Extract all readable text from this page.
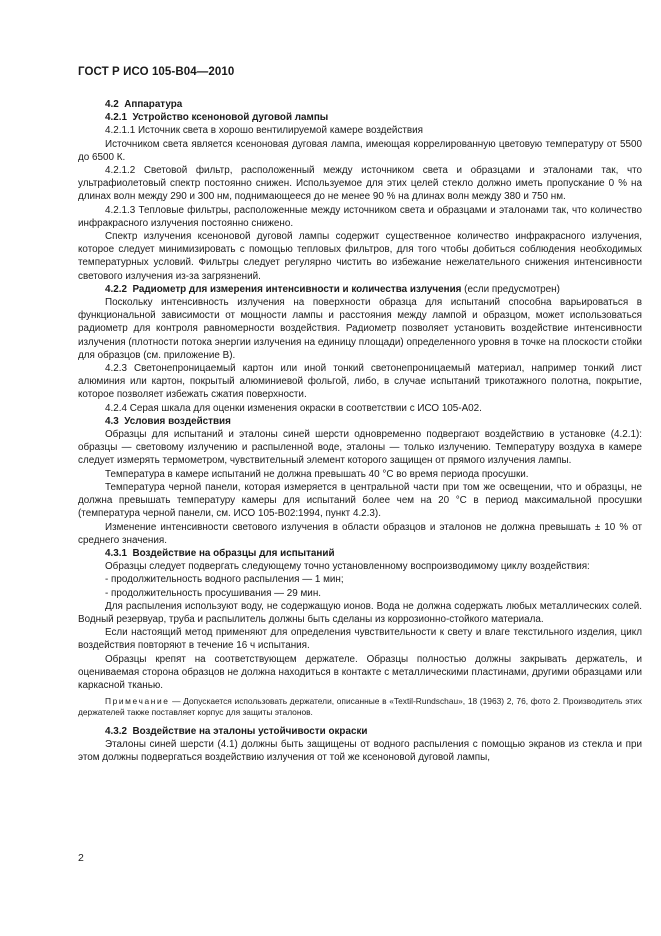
ГОСТ Р ИСО 105-В04—2010

4.2 Аппаратура

4.2.1 Устройство ксеноновой дуговой лампы

4.2.1.1 Источник света в хорошо вентилируемой камере воздействия

Источником света является ксеноновая дуговая лампа, имеющая коррелированную цветовую температуру от 5500 до 6500 К.

4.2.1.2 Световой фильтр, расположенный между источником света и образцами и эталонами так, что ультрафиолетовый спектр постоянно снижен. Используемое для этих целей стекло должно иметь пропускание 0 % на длинах волн между 290 и 300 нм, поднимающееся до не менее 90 % на длинах волн между 380 и 750 нм.

4.2.1.3 Тепловые фильтры, расположенные между источником света и образцами и эталонами так, что количество инфракрасного излучения постоянно снижено.

Спектр излучения ксеноновой дуговой лампы содержит существенное количество инфракрасного излучения, которое следует минимизировать с помощью тепловых фильтров, для того чтобы добиться соблюдения необходимых температурных условий. Фильтры следует регулярно чистить во избежание нежелательного снижения интенсивности светового излучения из-за загрязнений.

4.2.2 Радиометр для измерения интенсивности и количества излучения (если предусмотрен)

Поскольку интенсивность излучения на поверхности образца для испытаний способна варьироваться в функциональной зависимости от мощности лампы и расстояния между лампой и образцом, может использоваться радиометр для контроля равномерности воздействия. Радиометр позволяет установить воздействие интенсивности излучения (плотности потока энергии излучения на единицу площади) определенного уровня в точке на плоскости стойки для образцов (см. приложение В).

4.2.3 Светонепроницаемый картон или иной тонкий светонепроницаемый материал, например тонкий лист алюминия или картон, покрытый алюминиевой фольгой, либо, в случае испытаний трикотажного полотна, покрытие, которое позволяет избежать сжатия поверхности.

4.2.4 Серая шкала для оценки изменения окраски в соответствии с ИСО 105-А02.

4.3 Условия воздействия

Образцы для испытаний и эталоны синей шерсти одновременно подвергают воздействию в установке (4.2.1): образцы — световому излучению и распыленной воде, эталоны — только излучению. Температуру воздуха в камере следует измерять термометром, чувствительный элемент которого защищен от прямого излучения лампы.

Температура в камере испытаний не должна превышать 40 °С во время периода просушки.

Температура черной панели, которая измеряется в центральной части при том же освещении, что и образцы, не должна превышать температуру камеры для испытаний более чем на 20 °С в период максимальной просушки (температура черной панели, см. ИСО 105-В02:1994, пункт 4.2.3).

Изменение интенсивности светового излучения в области образцов и эталонов не должна превышать ± 10 % от среднего значения.

4.3.1 Воздействие на образцы для испытаний

Образцы следует подвергать следующему точно установленному воспроизводимому циклу воздействия:

- продолжительность водного распыления — 1 мин;

- продолжительность просушивания — 29 мин.

Для распыления используют воду, не содержащую ионов. Вода не должна содержать любых металлических солей. Водный резервуар, труба и распылитель должны быть сделаны из коррозионно-стойкого материала.

Если настоящий метод применяют для определения чувствительности к свету и влаге текстильного изделия, цикл воздействия повторяют в течение 16 ч испытания.

Образцы крепят на соответствующем держателе. Образцы полностью должны закрывать держатель, и оцениваемая сторона образцов не должна находиться в контакте с металлическими пластинами, другими образцами или каркасной тканью.

Примечание — Допускается использовать держатели, описанные в «Textil-Rundschau», 18 (1963) 2, 76, фото 2. Производитель этих держателей также поставляет корпус для защиты эталонов.

4.3.2 Воздействие на эталоны устойчивости окраски

Эталоны синей шерсти (4.1) должны быть защищены от водного распыления с помощью экранов из стекла и при этом должны подвергаться воздействию излучения от той же ксеноновой дуговой лампы,

2
